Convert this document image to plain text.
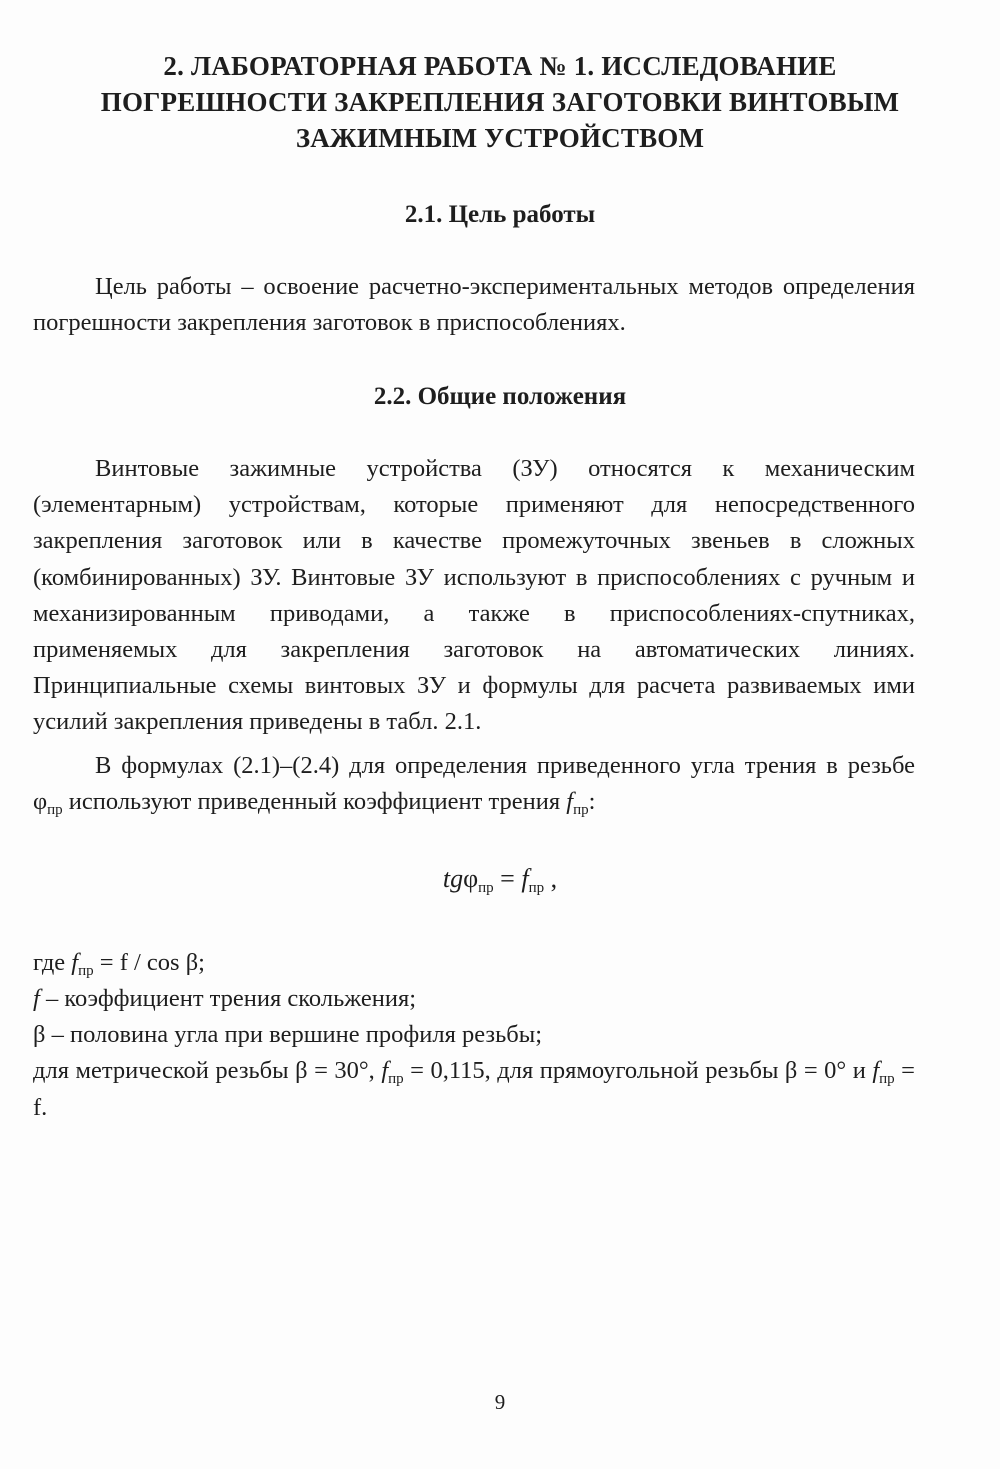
2. ЛАБОРАТОРНАЯ РАБОТА № 1. ИССЛЕДОВАНИЕ
ПОГРЕШНОСТИ ЗАКРЕПЛЕНИЯ ЗАГОТОВКИ ВИНТОВЫМ
ЗАЖИМНЫМ УСТРОЙСТВОМ
2.1. Цель работы
Цель работы – освоение расчетно-экспериментальных методов определения погрешности закрепления заготовок в приспособлениях.
2.2. Общие положения
Винтовые зажимные устройства (ЗУ) относятся к механическим (элементарным) устройствам, которые применяют для непосредственного закрепления заготовок или в качестве промежуточных звеньев в сложных (комбинированных) ЗУ. Винтовые ЗУ используют в приспособлениях с ручным и механизированным приводами, а также в приспособлениях-спутниках, применяемых для закрепления заготовок на автоматических линиях. Принципиальные схемы винтовых ЗУ и формулы для расчета развиваемых ими усилий закрепления приведены в табл. 2.1.
В формулах (2.1)–(2.4) для определения приведенного угла трения в резьбе $\varphi_{пр}$ используют приведенный коэффициент трения $f_{пр}$:
$tg\varphi_{пр} = f_{пр}$ ,
где $f_{пр} = f / \cos \beta$;
f – коэффициент трения скольжения;
β – половина угла при вершине профиля резьбы;
для метрической резьбы β = 30°, $f_{пр} = 0,115$, для прямоугольной резьбы β = 0° и $f_{пр} = f$.
9
